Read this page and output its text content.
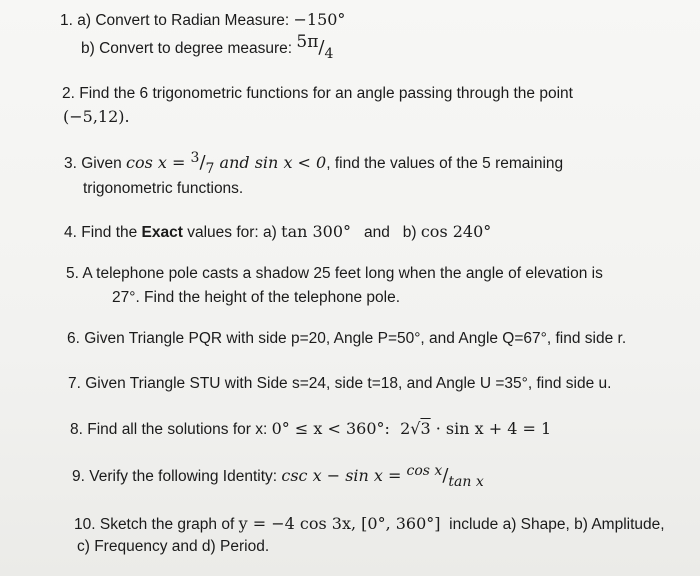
1. a) Convert to Radian Measure: −150°
b) Convert to degree measure: 5π/4
2. Find the 6 trigonometric functions for an angle passing through the point
(−5,12).
3. Given cos x = 3/7 and sin x < 0, find the values of the 5 remaining
trigonometric functions.
4. Find the Exact values for: a) tan 300°   and   b) cos 240°
5. A telephone pole casts a shadow 25 feet long when the angle of elevation is
27°. Find the height of the telephone pole.
6. Given Triangle PQR with side p=20, Angle P=50°, and Angle Q=67°, find side r.
7. Given Triangle STU with Side s=24, side t=18, and Angle U =35°, find side u.
8. Find all the solutions for x: 0° ≤ x < 360°:  2√3 · sin x + 4 = 1
9. Verify the following Identity: csc x − sin x = cos x/tan x
10. Sketch the graph of y = −4 cos 3x, [0°, 360°]  include a) Shape, b) Amplitude,
c) Frequency and d) Period.
